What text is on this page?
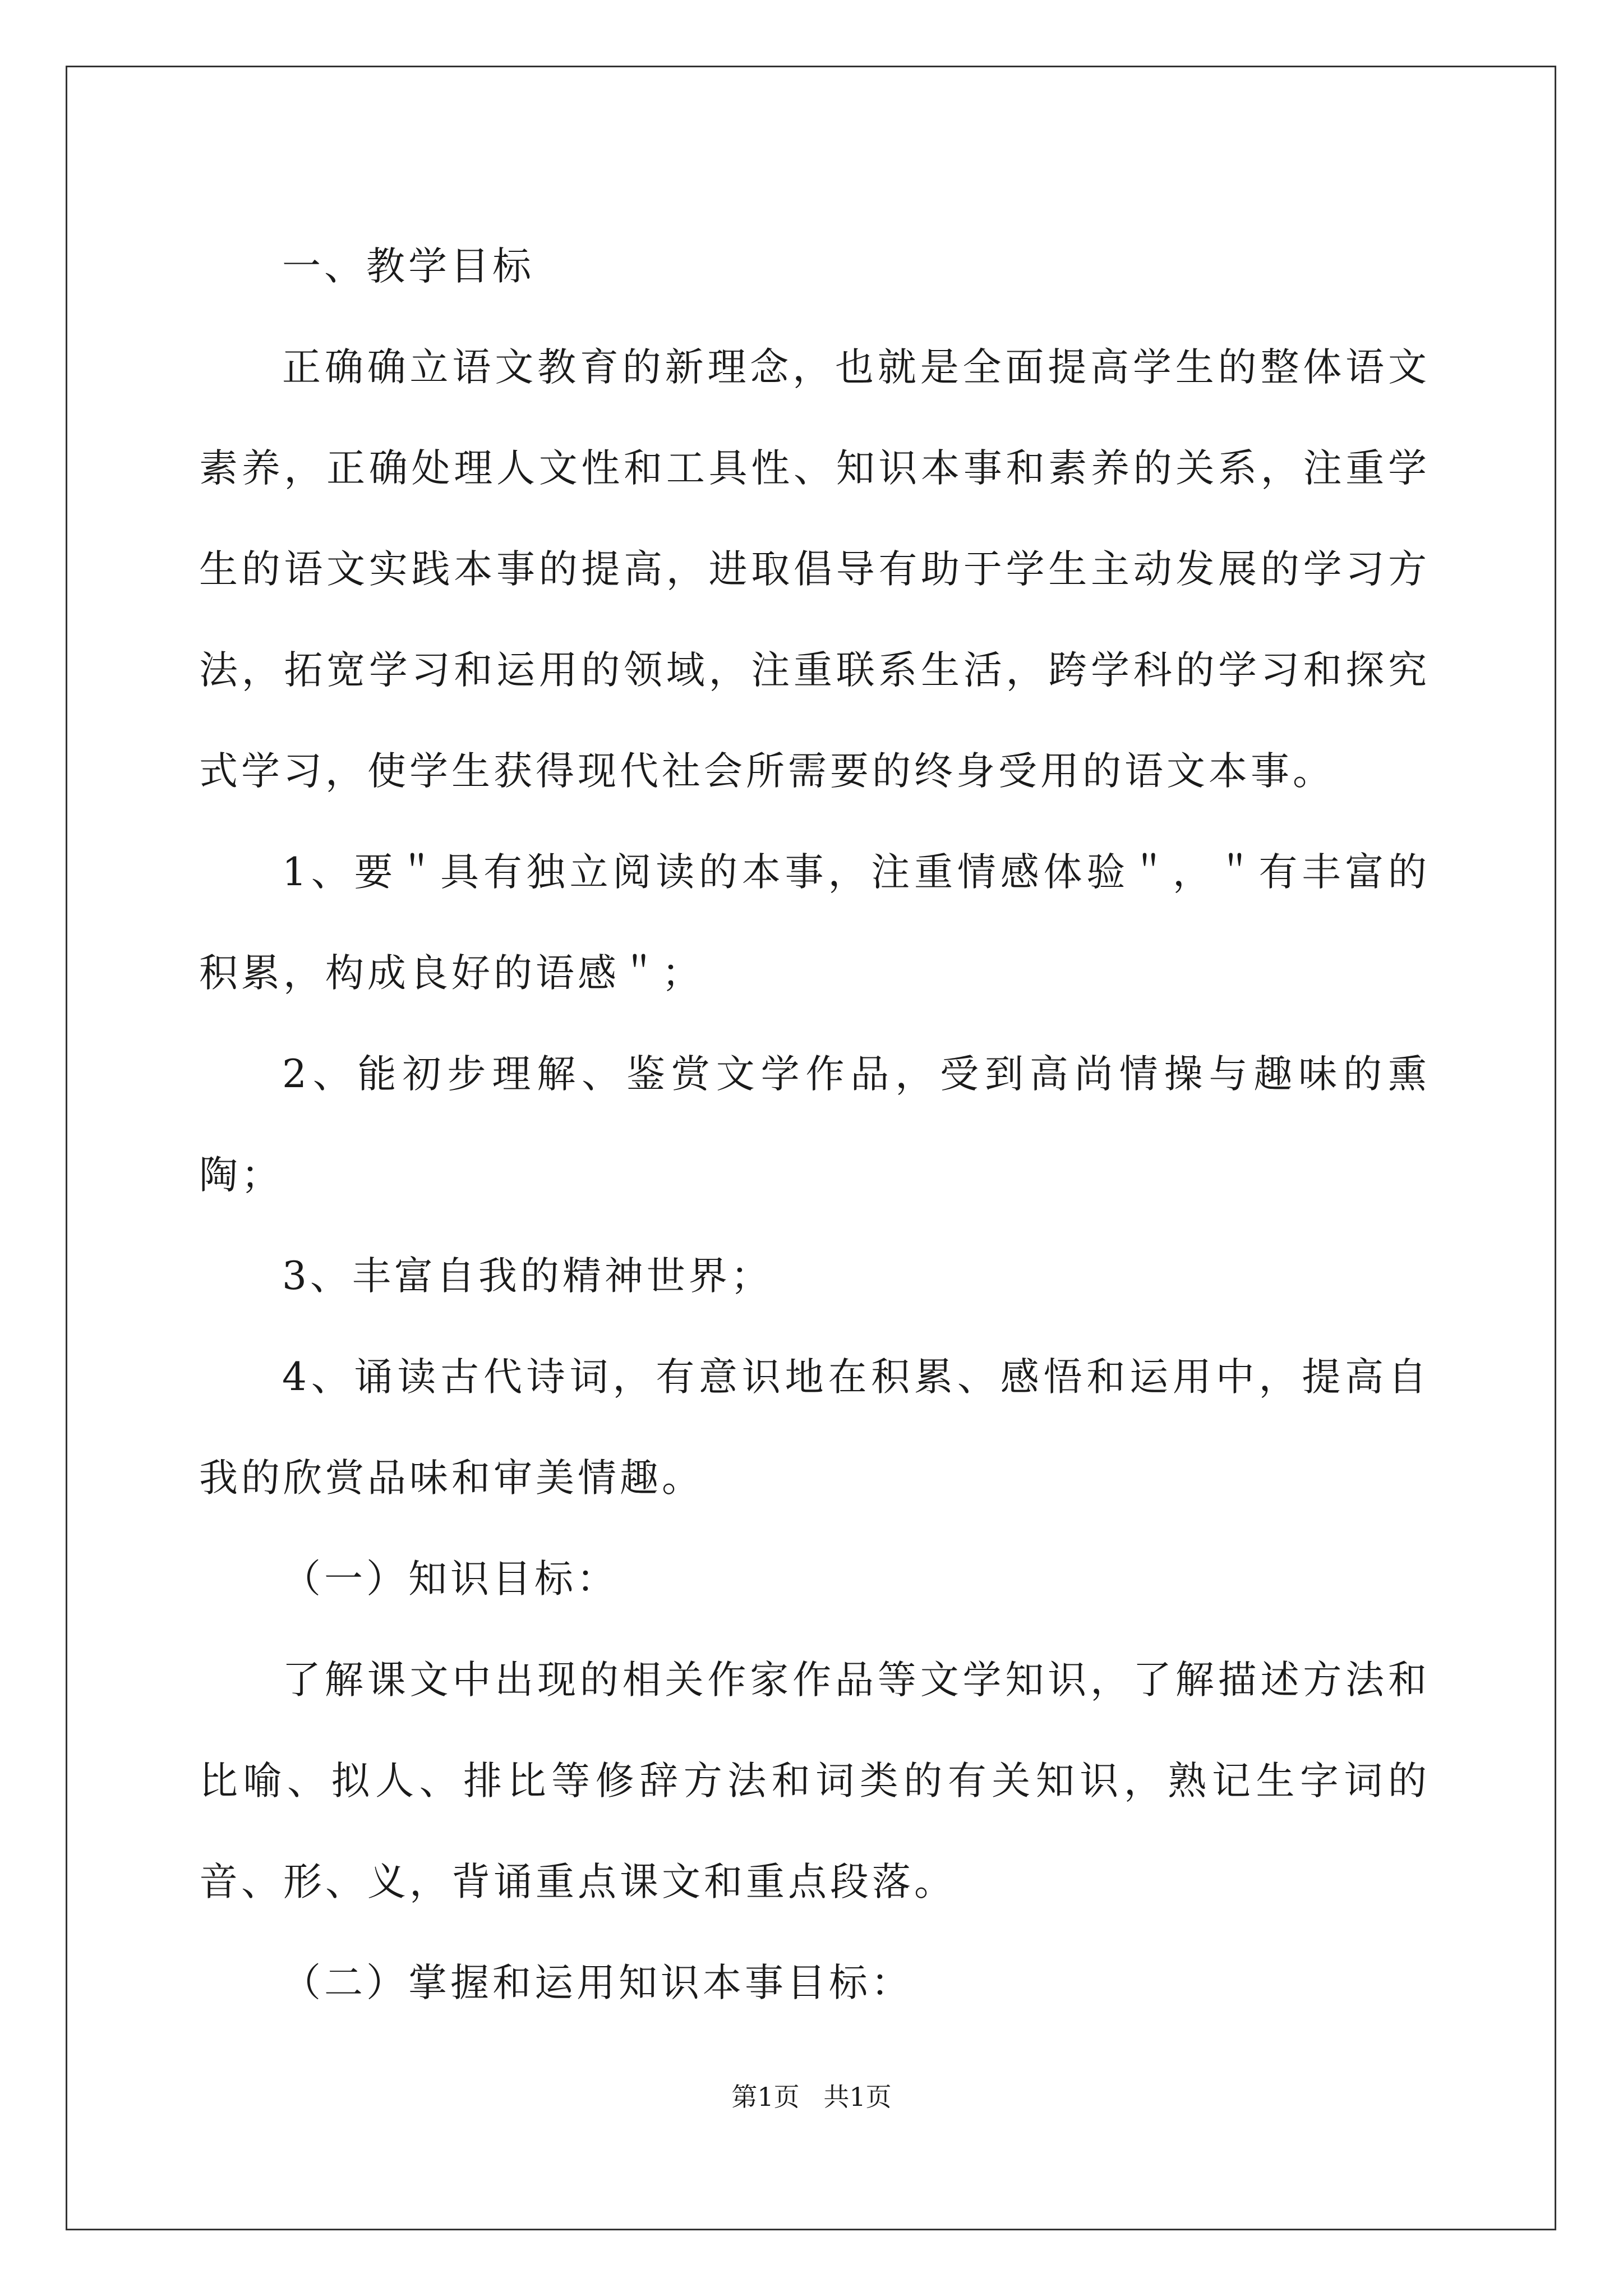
一、教学目标

正确确立语文教育的新理念，也就是全面提高学生的整体语文素养，正确处理人文性和工具性、知识本事和素养的关系，注重学生的语文实践本事的提高，进取倡导有助于学生主动发展的学习方法，拓宽学习和运用的领域，注重联系生活，跨学科的学习和探究式学习，使学生获得现代社会所需要的终身受用的语文本事。

1、要＂具有独立阅读的本事，注重情感体验＂，＂有丰富的积累，构成良好的语感＂；

2、能初步理解、鉴赏文学作品，受到高尚情操与趣味的熏陶；

3、丰富自我的精神世界；

4、诵读古代诗词，有意识地在积累、感悟和运用中，提高自我的欣赏品味和审美情趣。

（一）知识目标：

了解课文中出现的相关作家作品等文学知识，了解描述方法和比喻、拟人、排比等修辞方法和词类的有关知识，熟记生字词的音、形、义，背诵重点课文和重点段落。

（二）掌握和运用知识本事目标：

第1页 共1页
